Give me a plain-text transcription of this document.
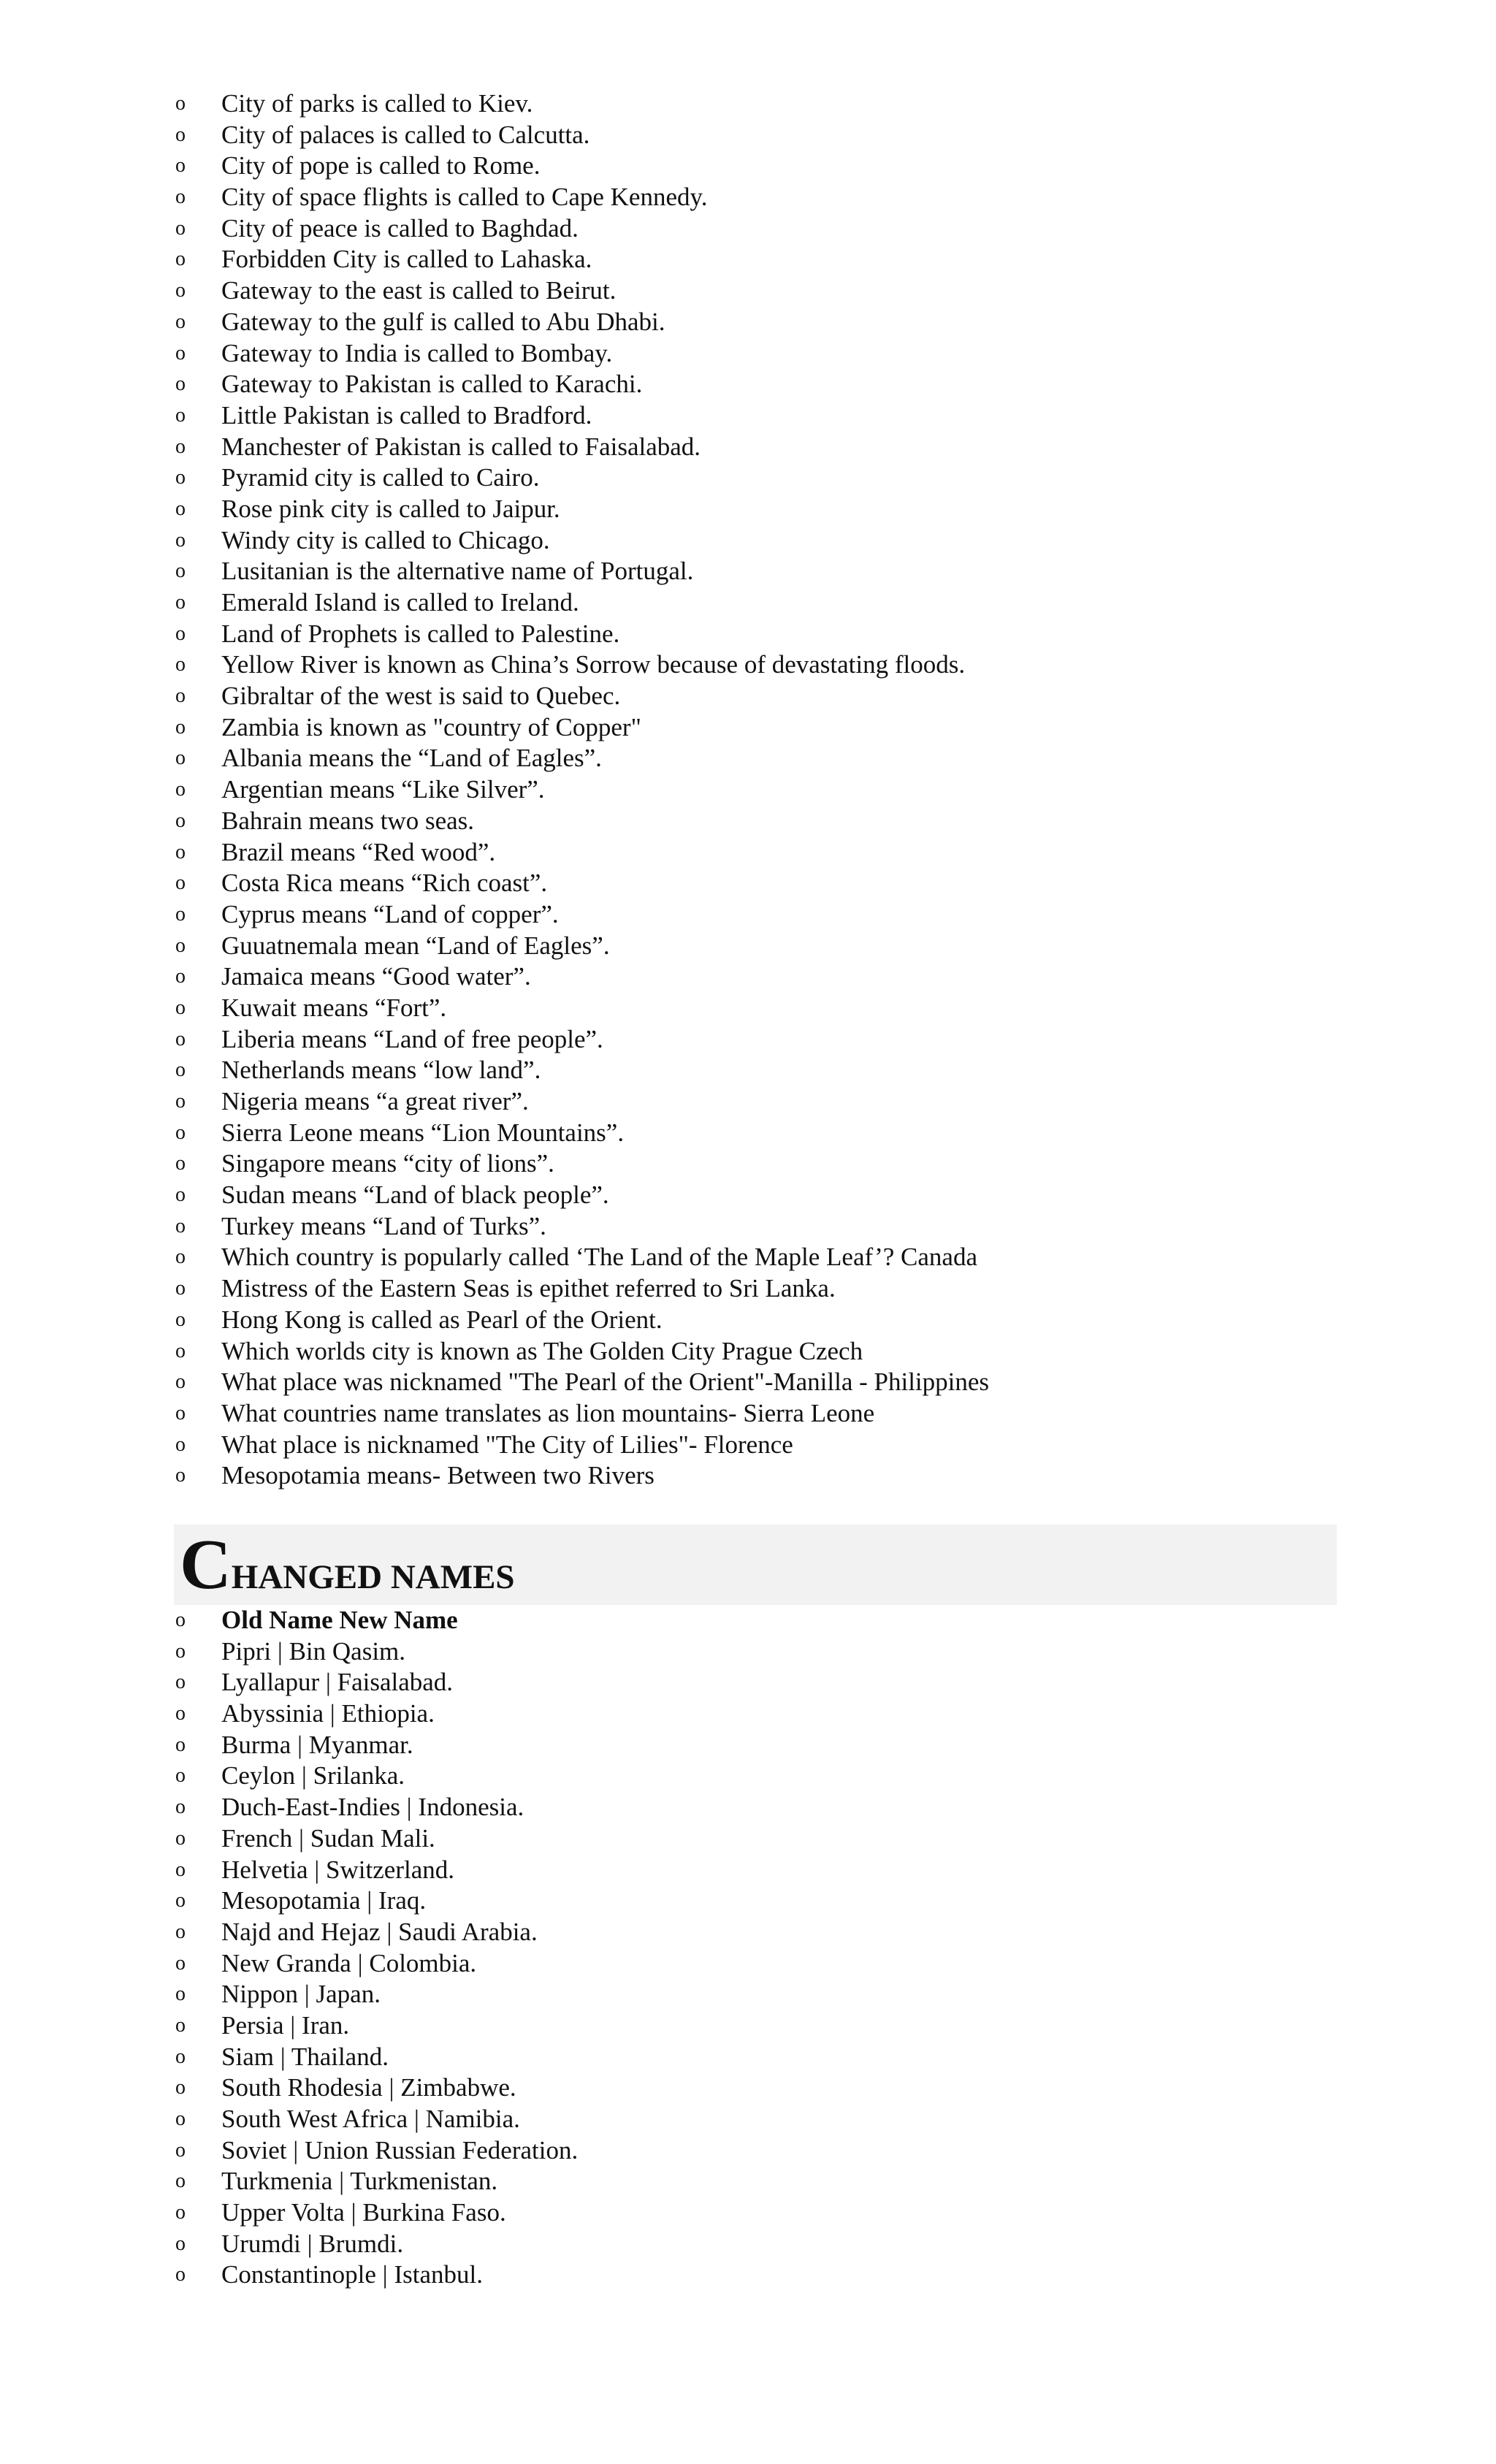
o	City of parks is called to Kiev.
o	City of palaces is called to Calcutta.
o	City of pope is called to Rome.
o	City of space flights is called to Cape Kennedy.
o	City of peace is called to Baghdad.
o	Forbidden City is called to Lahaska.
o	Gateway to the east is called to Beirut.
o	Gateway to the gulf is called to Abu Dhabi.
o	Gateway to India is called to Bombay.
o	Gateway to Pakistan is called to Karachi.
o	Little Pakistan is called to Bradford.
o	Manchester of Pakistan is called to Faisalabad.
o	Pyramid city is called to Cairo.
o	Rose pink city is called to Jaipur.
o	Windy city is called to Chicago.
o	Lusitanian is the alternative name of Portugal.
o	Emerald Island is called to Ireland.
o	Land of Prophets is called to Palestine.
o	Yellow River is known as China’s Sorrow because of devastating floods.
o	Gibraltar of the west is said to Quebec.
o	Zambia is known as "country of Copper"
o	Albania means the “Land of Eagles”.
o	Argentian means “Like Silver”.
o	Bahrain means two seas.
o	Brazil means “Red wood”.
o	Costa Rica means “Rich coast”.
o	Cyprus means “Land of copper”.
o	Guuatnemala mean “Land of Eagles”.
o	Jamaica means “Good water”.
o	Kuwait means “Fort”.
o	Liberia means “Land of free people”.
o	Netherlands means “low land”.
o	Nigeria means “a great river”.
o	Sierra Leone means “Lion Mountains”.
o	Singapore means “city of lions”.
o	Sudan means “Land of black people”.
o	Turkey means “Land of Turks”.
o	Which country is popularly called ‘The Land of the Maple Leaf’? Canada
o	Mistress of the Eastern Seas is epithet referred to Sri Lanka.
o	Hong Kong is called as Pearl of the Orient.
o	Which worlds city is known as The Golden City Prague Czech
o	What place was nicknamed "The Pearl of the Orient"-Manilla - Philippines
o	What countries name translates as lion mountains- Sierra Leone
o	What place is nicknamed "The City of Lilies"- Florence
o	Mesopotamia means- Between two Rivers
CHANGED NAMES
o	Old Name New Name
o	Pipri | Bin Qasim.
o	Lyallapur | Faisalabad.
o	Abyssinia | Ethiopia.
o	Burma | Myanmar.
o	Ceylon | Srilanka.
o	Duch-East-Indies | Indonesia.
o	French | Sudan Mali.
o	Helvetia | Switzerland.
o	Mesopotamia | Iraq.
o	Najd and Hejaz | Saudi Arabia.
o	New Granda | Colombia.
o	Nippon | Japan.
o	Persia | Iran.
o	Siam | Thailand.
o	South Rhodesia | Zimbabwe.
o	South West Africa | Namibia.
o	Soviet | Union Russian Federation.
o	Turkmenia | Turkmenistan.
o	Upper Volta | Burkina Faso.
o	Urumdi | Brumdi.
o	Constantinople | Istanbul.
